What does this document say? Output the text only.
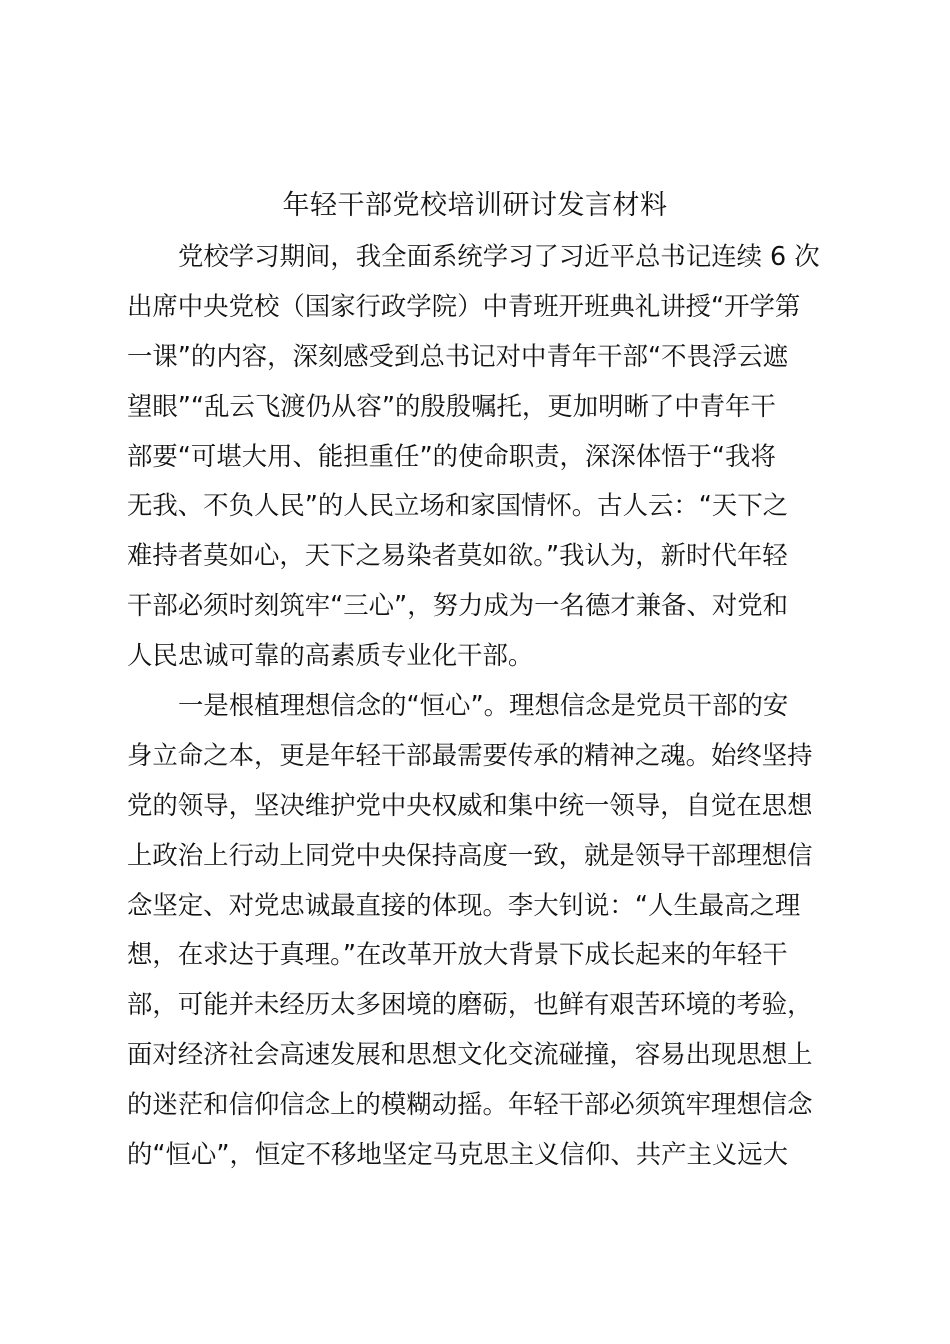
年轻干部党校培训研讨发言材料
党校学习期间，我全面系统学习了习近平总书记连续 6 次
出席中央党校（国家行政学院）中青班开班典礼讲授“开学第
一课”的内容，深刻感受到总书记对中青年干部“不畏浮云遮
望眼”“乱云飞渡仍从容”的殷殷嘱托，更加明晰了中青年干
部要“可堪大用、能担重任”的使命职责，深深体悟于“我将
无我、不负人民”的人民立场和家国情怀。古人云：“天下之
难持者莫如心，天下之易染者莫如欲。”我认为，新时代年轻
干部必须时刻筑牢“三心”，努力成为一名德才兼备、对党和
人民忠诚可靠的高素质专业化干部。
一是根植理想信念的“恒心”。理想信念是党员干部的安
身立命之本，更是年轻干部最需要传承的精神之魂。始终坚持
党的领导，坚决维护党中央权威和集中统一领导，自觉在思想
上政治上行动上同党中央保持高度一致，就是领导干部理想信
念坚定、对党忠诚最直接的体现。李大钊说：“人生最高之理
想，在求达于真理。”在改革开放大背景下成长起来的年轻干
部，可能并未经历太多困境的磨砺，也鲜有艰苦环境的考验，
面对经济社会高速发展和思想文化交流碰撞，容易出现思想上
的迷茫和信仰信念上的模糊动摇。年轻干部必须筑牢理想信念
的“恒心”，恒定不移地坚定马克思主义信仰、共产主义远大
